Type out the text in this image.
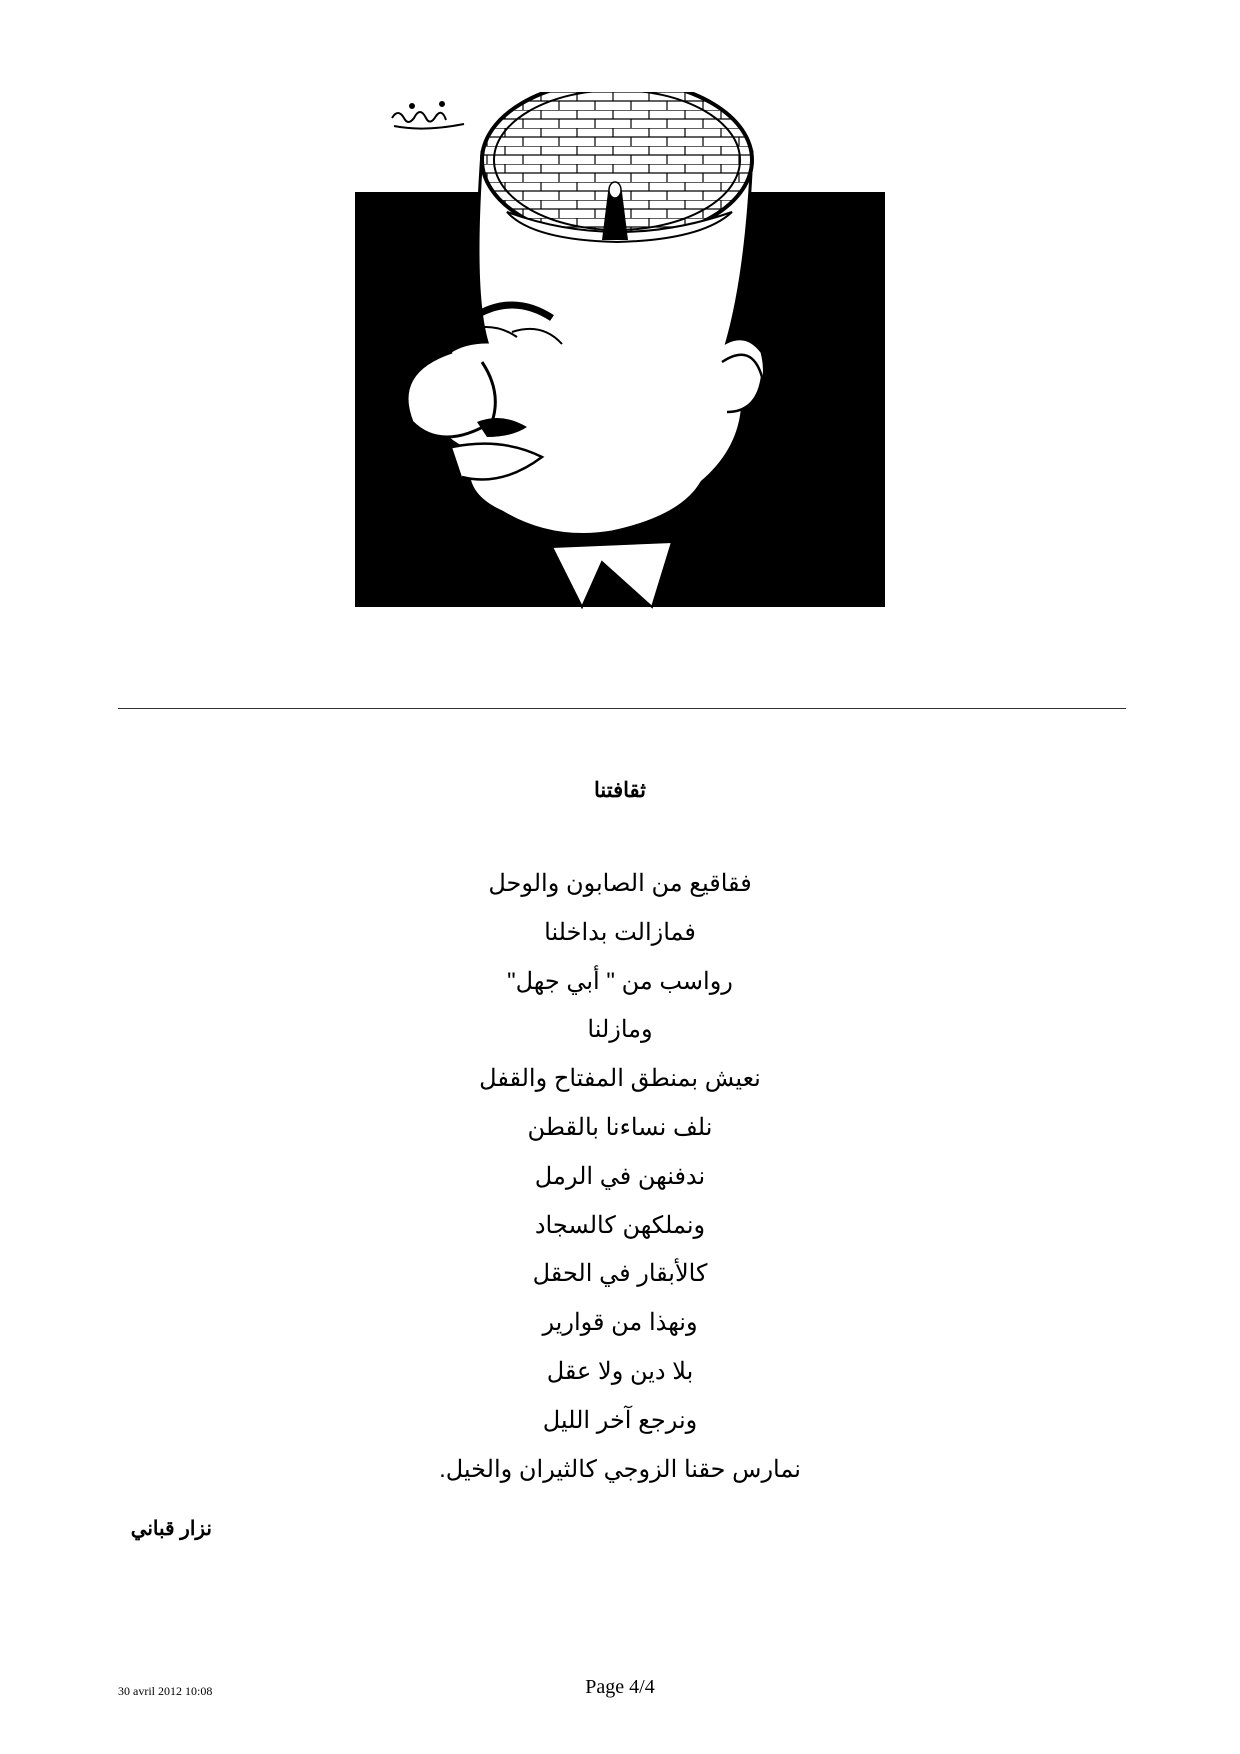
ثقافتنا
فقاقيع من الصابون والوحل
فمازالت بداخلنا
رواسب من " أبي جهل"
ومازلنا
نعيش بمنطق المفتاح والقفل
نلف نساءنا بالقطن
ندفنهن في الرمل
ونملكهن كالسجاد
كالأبقار في الحقل
ونهذا من قوارير
بلا دين ولا عقل
ونرجع آخر الليل
نمارس حقنا الزوجي كالثيران والخيل.
نزار قباني
30 avril 2012 10:08	Page 4/4
